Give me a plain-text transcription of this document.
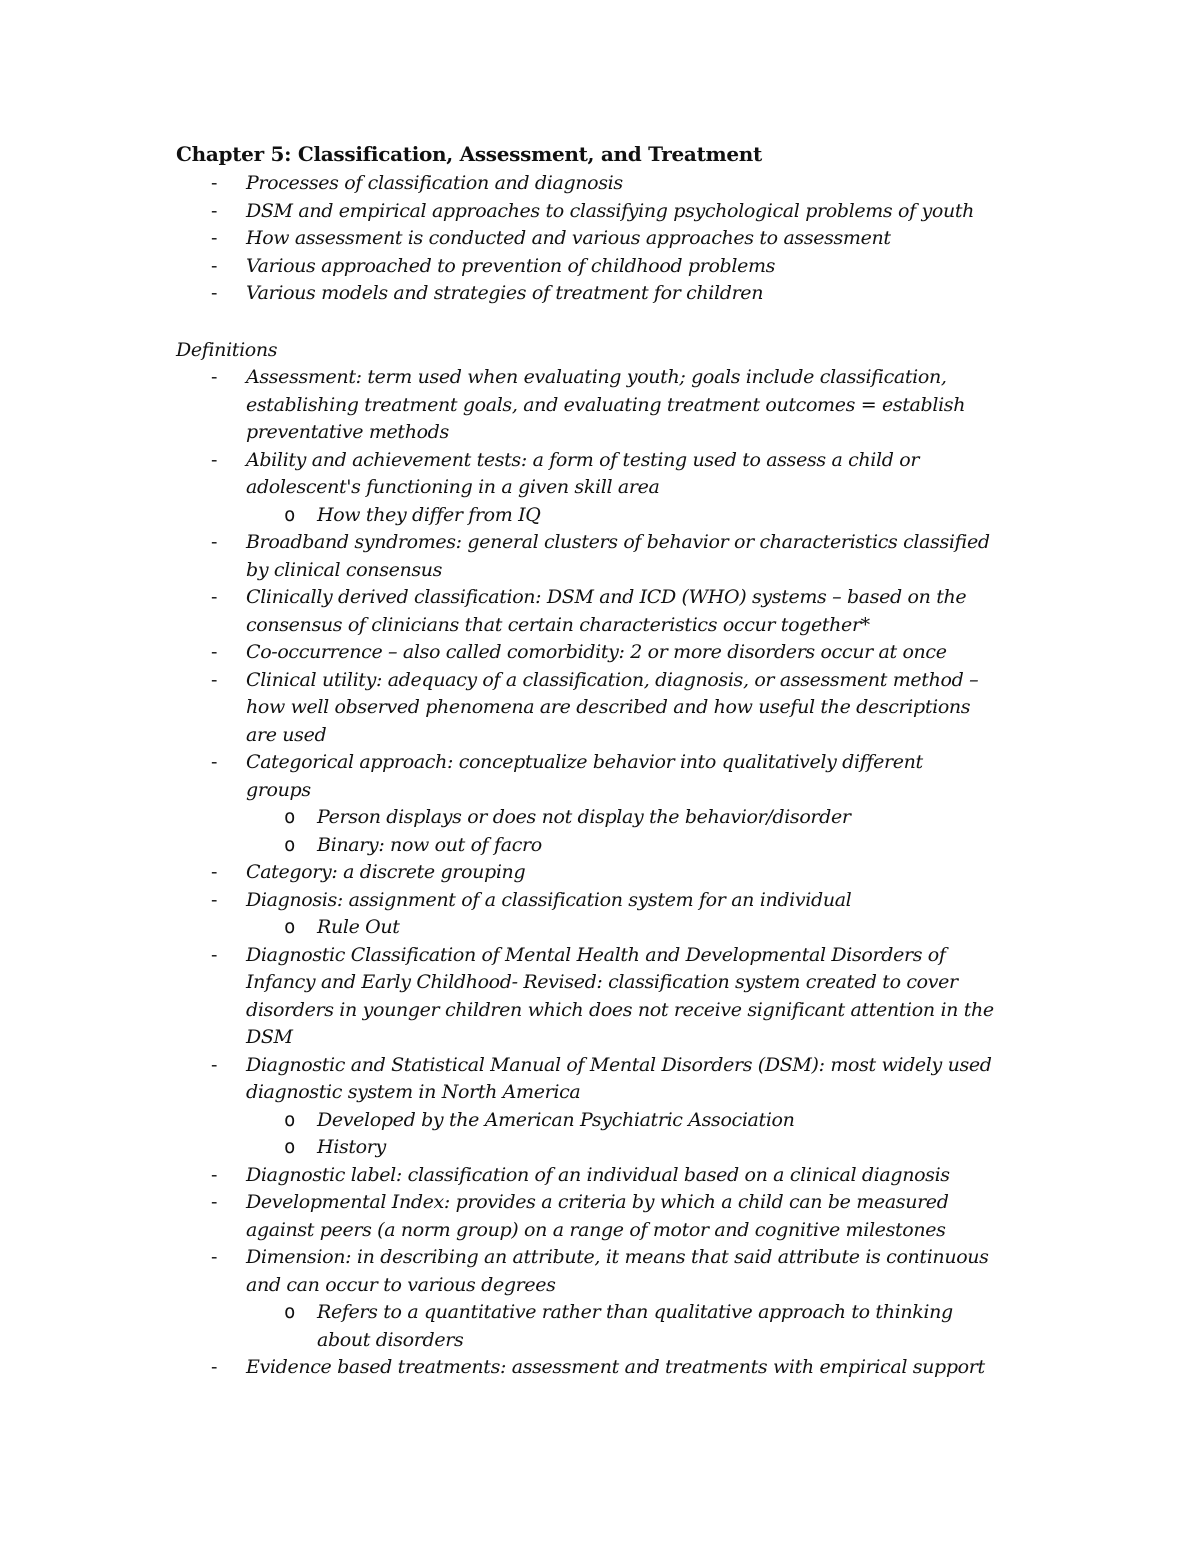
Chapter 5: Classification, Assessment, and Treatment
- Processes of classification and diagnosis
- DSM and empirical approaches to classifying psychological problems of youth
- How assessment is conducted and various approaches to assessment
- Various approached to prevention of childhood problems
- Various models and strategies of treatment for children
Definitions
- Assessment: term used when evaluating youth; goals include classification,
establishing treatment goals, and evaluating treatment outcomes = establish
preventative methods
- Ability and achievement tests: a form of testing used to assess a child or
adolescent's functioning in a given skill area
o How they differ from IQ
- Broadband syndromes: general clusters of behavior or characteristics classified
by clinical consensus
- Clinically derived classification: DSM and ICD (WHO) systems – based on the
consensus of clinicians that certain characteristics occur together*
- Co-occurrence – also called comorbidity: 2 or more disorders occur at once
- Clinical utility: adequacy of a classification, diagnosis, or assessment method –
how well observed phenomena are described and how useful the descriptions
are used
- Categorical approach: conceptualize behavior into qualitatively different
groups
o Person displays or does not display the behavior/disorder
o Binary: now out of facro
- Category: a discrete grouping
- Diagnosis: assignment of a classification system for an individual
o Rule Out
- Diagnostic Classification of Mental Health and Developmental Disorders of
Infancy and Early Childhood- Revised: classification system created to cover
disorders in younger children which does not receive significant attention in the
DSM
- Diagnostic and Statistical Manual of Mental Disorders (DSM): most widely used
diagnostic system in North America
o Developed by the American Psychiatric Association
o History
- Diagnostic label: classification of an individual based on a clinical diagnosis
- Developmental Index: provides a criteria by which a child can be measured
against peers (a norm group) on a range of motor and cognitive milestones
- Dimension: in describing an attribute, it means that said attribute is continuous
and can occur to various degrees
o Refers to a quantitative rather than qualitative approach to thinking
about disorders
- Evidence based treatments: assessment and treatments with empirical support
